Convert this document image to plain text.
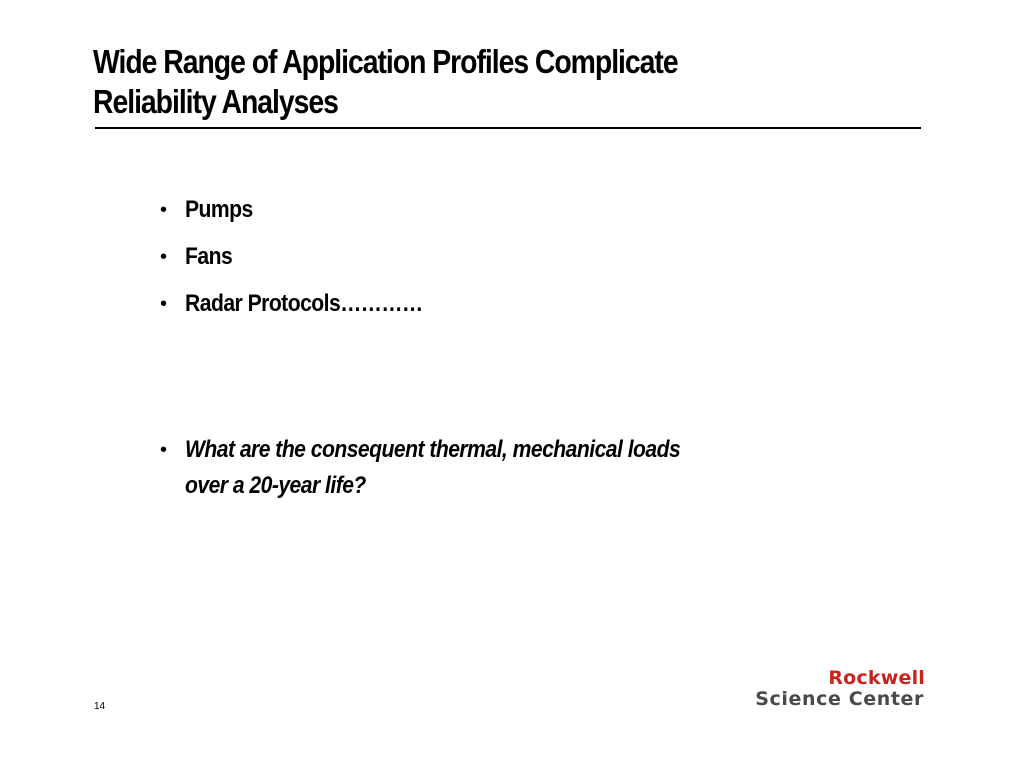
Wide Range of Application Profiles Complicate
Reliability Analyses
• Pumps
• Fans
• Radar Protocols…………
• What are the consequent thermal, mechanical loads
over a 20-year life?
14
Rockwell
Science Center
